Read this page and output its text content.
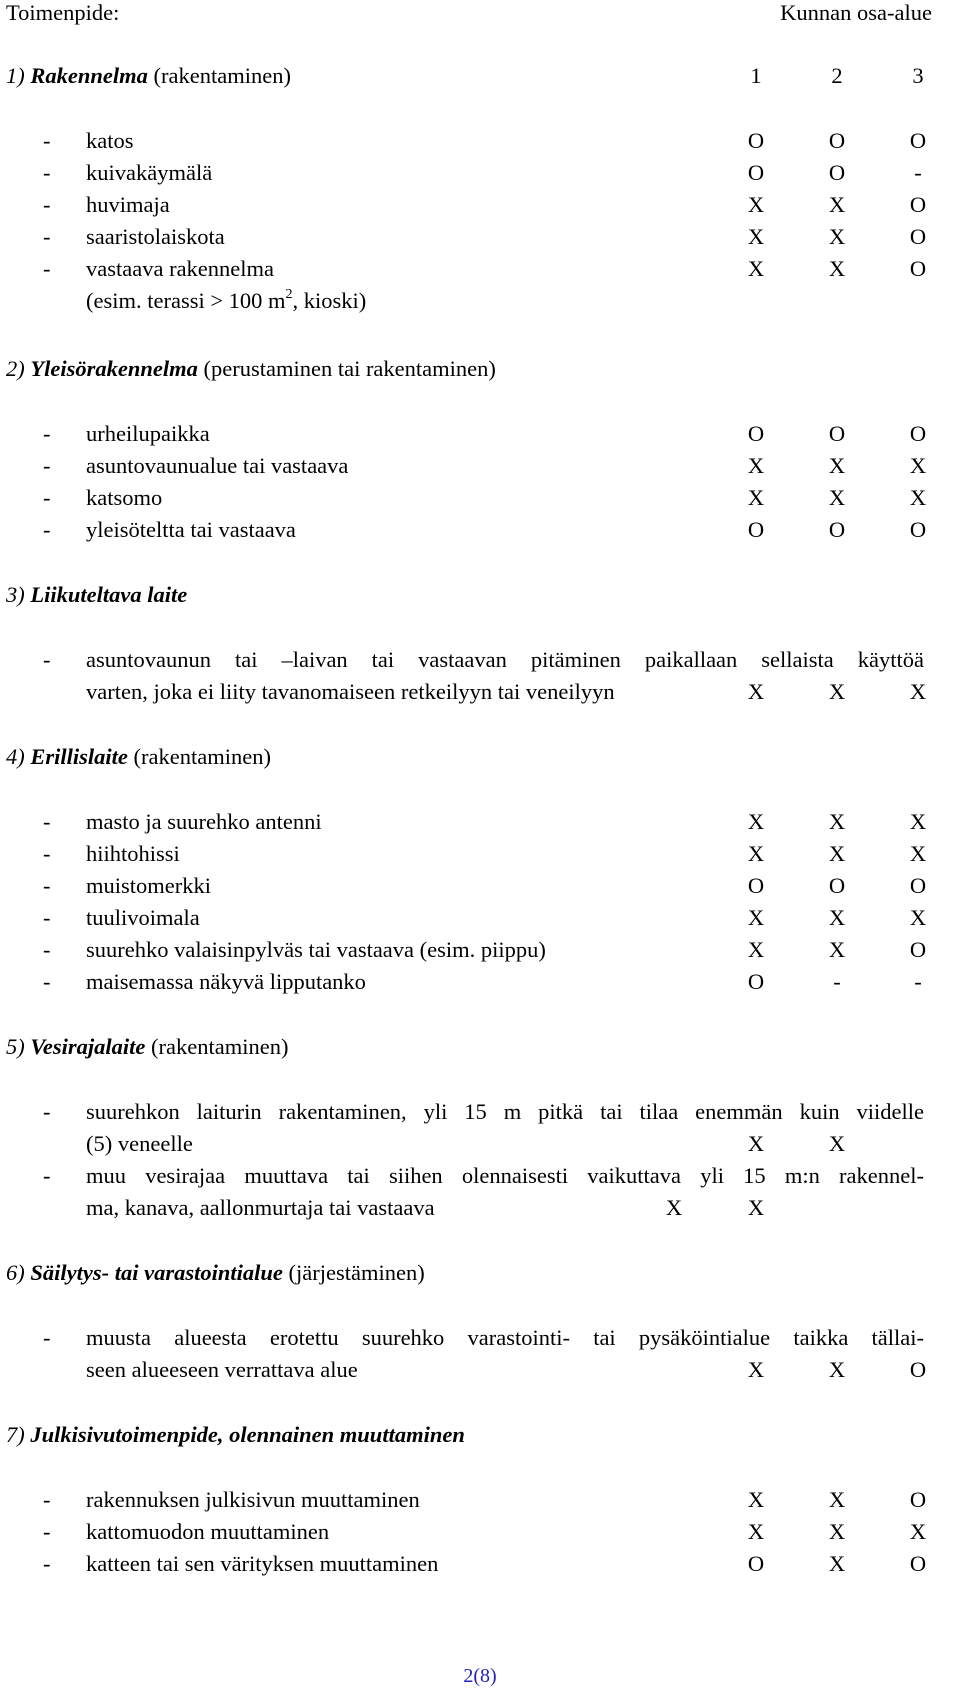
Toimenpide:	Kunnan osa-alue
1) Rakennelma (rakentaminen)	1	2	3
- katos	O	O	O
- kuivakäymälä	O	O	-
- huvimaja	X	X	O
- saaristolaiskota	X	X	O
- vastaava rakennelma	X	X	O
(esim. terassi > 100 $m^2$, kioski)
2) Yleisörakennelma (perustaminen tai rakentaminen)
- urheilupaikka	O	O	O
- asuntovaunualue tai vastaava	X	X	X
- katsomo	X	X	X
- yleisöteltta tai vastaava	O	O	O
3) Liikuteltava laite
- asuntovaunun tai –laivan tai vastaavan pitäminen paikallaan sellaista käyttöä
varten, joka ei liity tavanomaiseen retkeilyyn tai veneilyyn	X	X	X
4) Erillislaite (rakentaminen)
- masto ja suurehko antenni	X	X	X
- hiihtohissi	X	X	X
- muistomerkki	O	O	O
- tuulivoimala	X	X	X
- suurehko valaisinpylväs tai vastaava (esim. piippu)	X	X	O
- maisemassa näkyvä lipputanko	O	-	-
5) Vesirajalaite (rakentaminen)
- suurehkon laiturin rakentaminen, yli 15 m pitkä tai tilaa enemmän kuin viidelle
(5) veneelle	X	X
- muu vesirajaa muuttava tai siihen olennaisesti vaikuttava yli 15 m:n rakennel-
ma, kanava, aallonmurtaja tai vastaava	X	X
6) Säilytys- tai varastointialue (järjestäminen)
- muusta alueesta erotettu suurehko varastointi- tai pysäköintialue taikka tällai-
seen alueeseen verrattava alue	X	X	O
7) Julkisivutoimenpide, olennainen muuttaminen
- rakennuksen julkisivun muuttaminen	X	X	O
- kattomuodon muuttaminen	X	X	X
- katteen tai sen värityksen muuttaminen	O	X	O
2(8)
